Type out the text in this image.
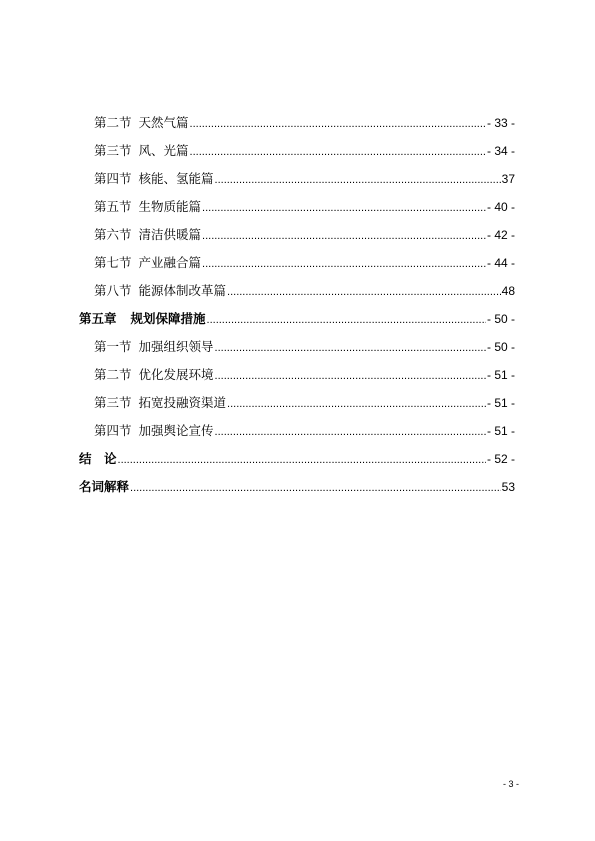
第二节 天然气篇 .....	- 33 -
第三节 风、光篇 .....	- 34 -
第四节 核能、氢能篇 .....	37
第五节 生物质能篇 .....	- 40 -
第六节 清洁供暖篇 .....	- 42 -
第七节 产业融合篇 .....	- 44 -
第八节 能源体制改革篇 .....	48
第五章 规划保障措施 .....	- 50 -
第一节 加强组织领导 .....	- 50 -
第二节 优化发展环境 .....	- 51 -
第三节 拓宽投融资渠道 .....	- 51 -
第四节 加强舆论宣传 .....	- 51 -
结　论 .....	- 52 -
名词解释 .....	53
- 3 -
